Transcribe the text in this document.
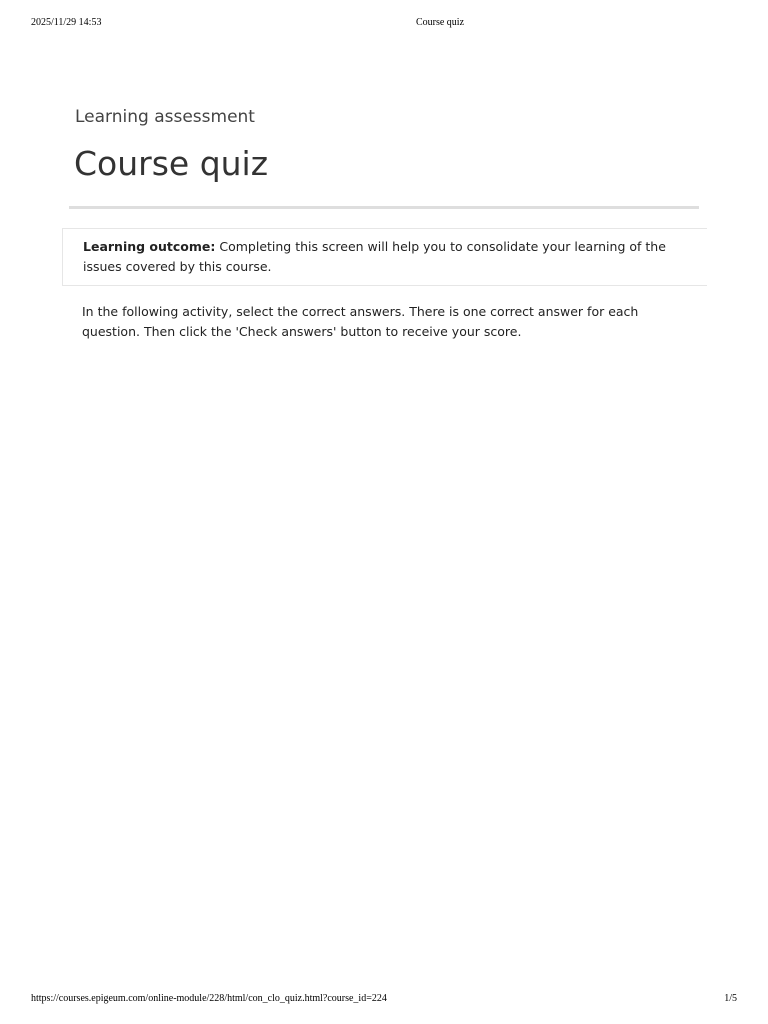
2025/11/29 14:53	Course quiz
Learning assessment
Course quiz
Learning outcome: Completing this screen will help you to consolidate your learning of the issues covered by this course.
In the following activity, select the correct answers. There is one correct answer for each question. Then click the 'Check answers' button to receive your score.
https://courses.epigeum.com/online-module/228/html/con_clo_quiz.html?course_id=224	1/5
